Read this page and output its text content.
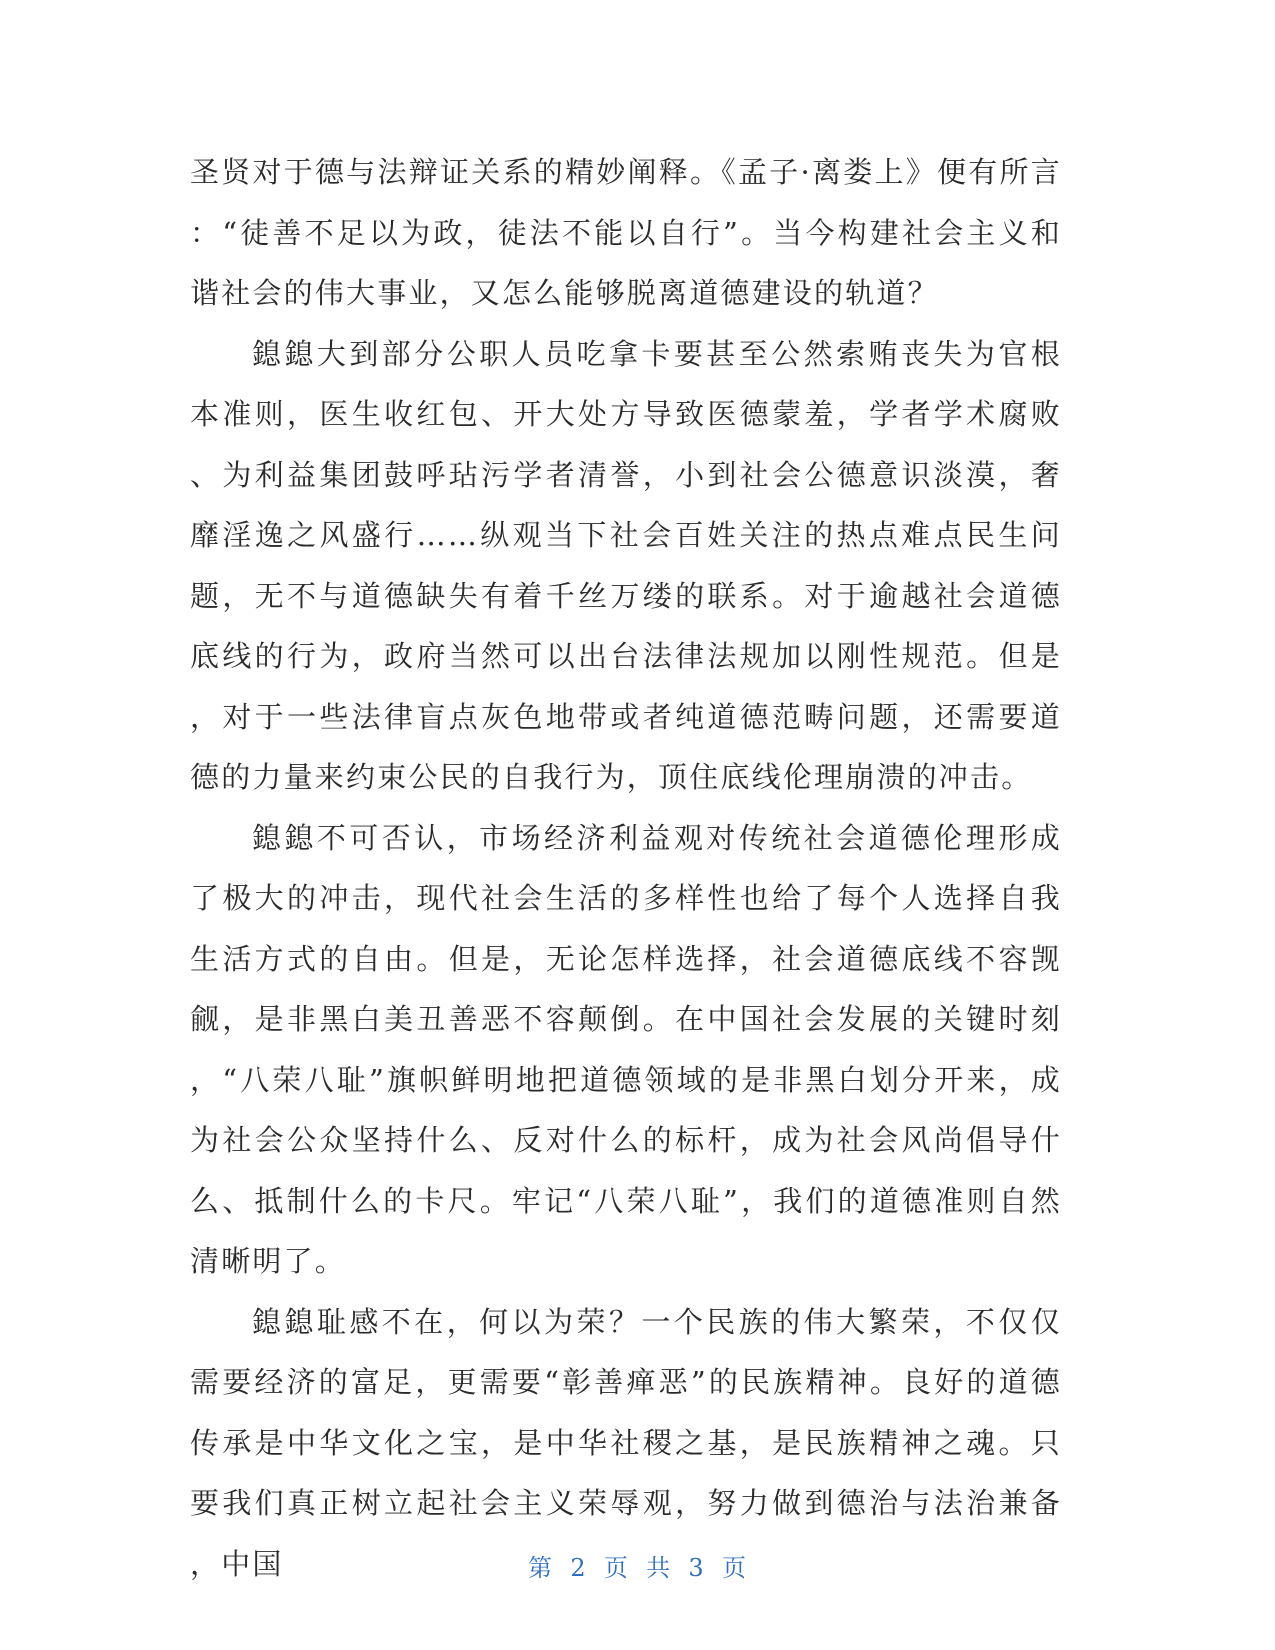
圣贤对于德与法辩证关系的精妙阐释。《孟子·离娄上》便有所言：“徒善不足以为政，徒法不能以自行”。当今构建社会主义和谐社会的伟大事业，又怎么能够脱离道德建设的轨道？

鎴鎴大到部分公职人员吃拿卡要甚至公然索贿丧失为官根本准则，医生收红包、开大处方导致医德蒙羞，学者学术腐败、为利益集团鼓呼玷污学者清誉，小到社会公德意识淡漠，奢靡淫逸之风盛行……纵观当下社会百姓关注的热点难点民生问题，无不与道德缺失有着千丝万缕的联系。对于逾越社会道德底线的行为，政府当然可以出台法律法规加以刚性规范。但是，对于一些法律盲点灰色地带或者纯道德范畴问题，还需要道德的力量来约束公民的自我行为，顶住底线伦理崩溃的冲击。

鎴鎴不可否认，市场经济利益观对传统社会道德伦理形成了极大的冲击，现代社会生活的多样性也给了每个人选择自我生活方式的自由。但是，无论怎样选择，社会道德底线不容觊觎，是非黑白美丑善恶不容颠倒。在中国社会发展的关键时刻，“八荣八耻”旗帜鲜明地把道德领域的是非黑白划分开来，成为社会公众坚持什么、反对什么的标杆，成为社会风尚倡导什么、抵制什么的卡尺。牢记“八荣八耻”，我们的道德准则自然清晰明了。

鎴鎴耻感不在，何以为荣？一个民族的伟大繁荣，不仅仅需要经济的富足，更需要“彰善瘅恶”的民族精神。良好的道德传承是中华文化之宝，是中华社稷之基，是民族精神之魂。只要我们真正树立起社会主义荣辱观，努力做到德治与法治兼备，中国	第  2  页  共  3  页
